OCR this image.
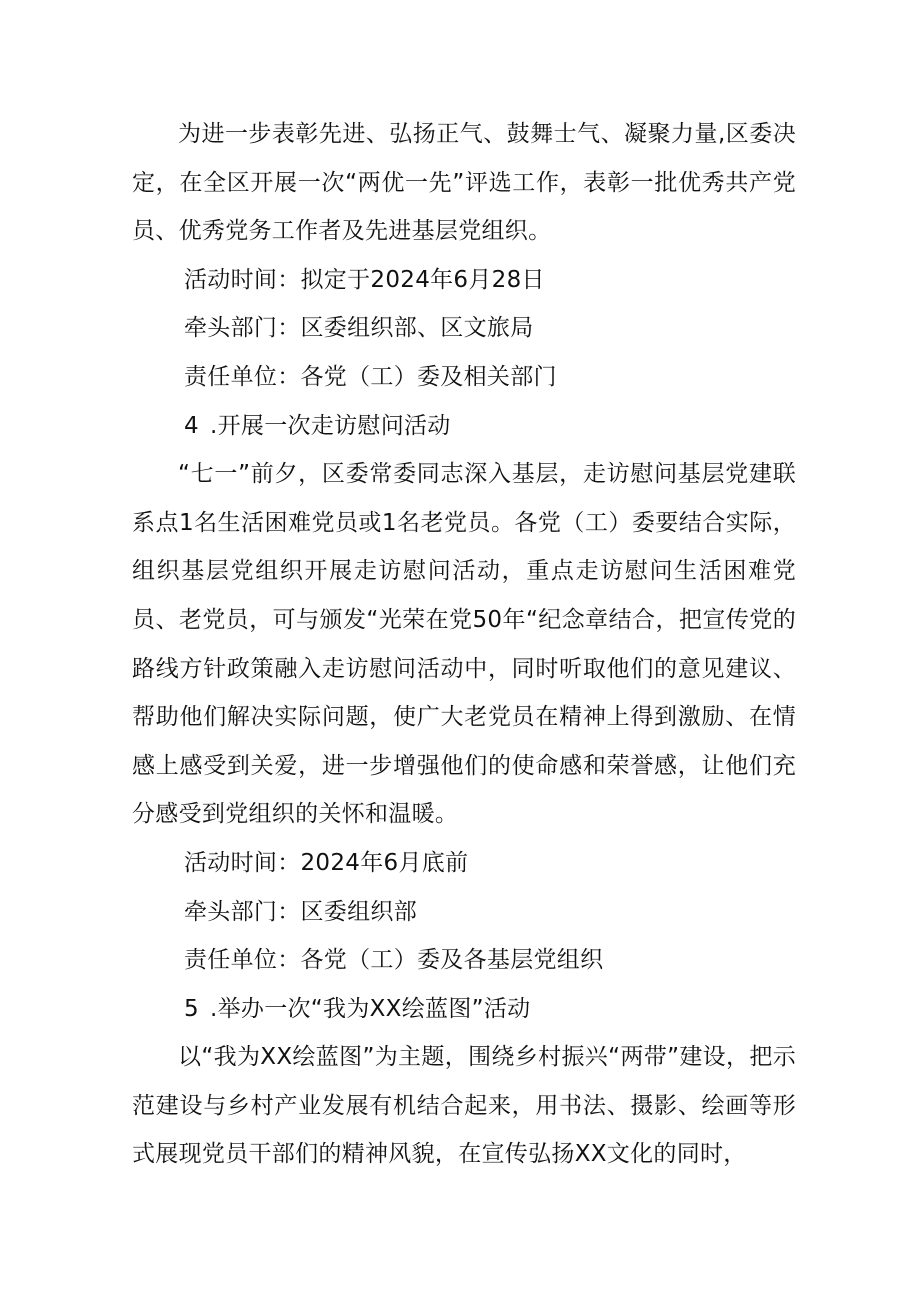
为进一步表彰先进、弘扬正气、鼓舞士气、凝聚力量,区委决定，在全区开展一次“两优一先”评选工作，表彰一批优秀共产党员、优秀党务工作者及先进基层党组织。

活动时间：拟定于2024年6月28日
牵头部门：区委组织部、区文旅局
责任单位：各党（工）委及相关部门
4 .开展一次走访慰问活动

“七一”前夕，区委常委同志深入基层，走访慰问基层党建联系点1名生活困难党员或1名老党员。各党（工）委要结合实际，组织基层党组织开展走访慰问活动，重点走访慰问生活困难党员、老党员，可与颁发“光荣在党50年“纪念章结合，把宣传党的路线方针政策融入走访慰问活动中，同时听取他们的意见建议、帮助他们解决实际问题，使广大老党员在精神上得到激励、在情感上感受到关爱，进一步增强他们的使命感和荣誉感，让他们充分感受到党组织的关怀和温暖。

活动时间：2024年6月底前
牵头部门：区委组织部
责任单位：各党（工）委及各基层党组织
5 .举办一次“我为XX绘蓝图”活动

以“我为XX绘蓝图”为主题，围绕乡村振兴“两带”建设，把示范建设与乡村产业发展有机结合起来，用书法、摄影、绘画等形式展现党员干部们的精神风貌，在宣传弘扬XX文化的同时，
